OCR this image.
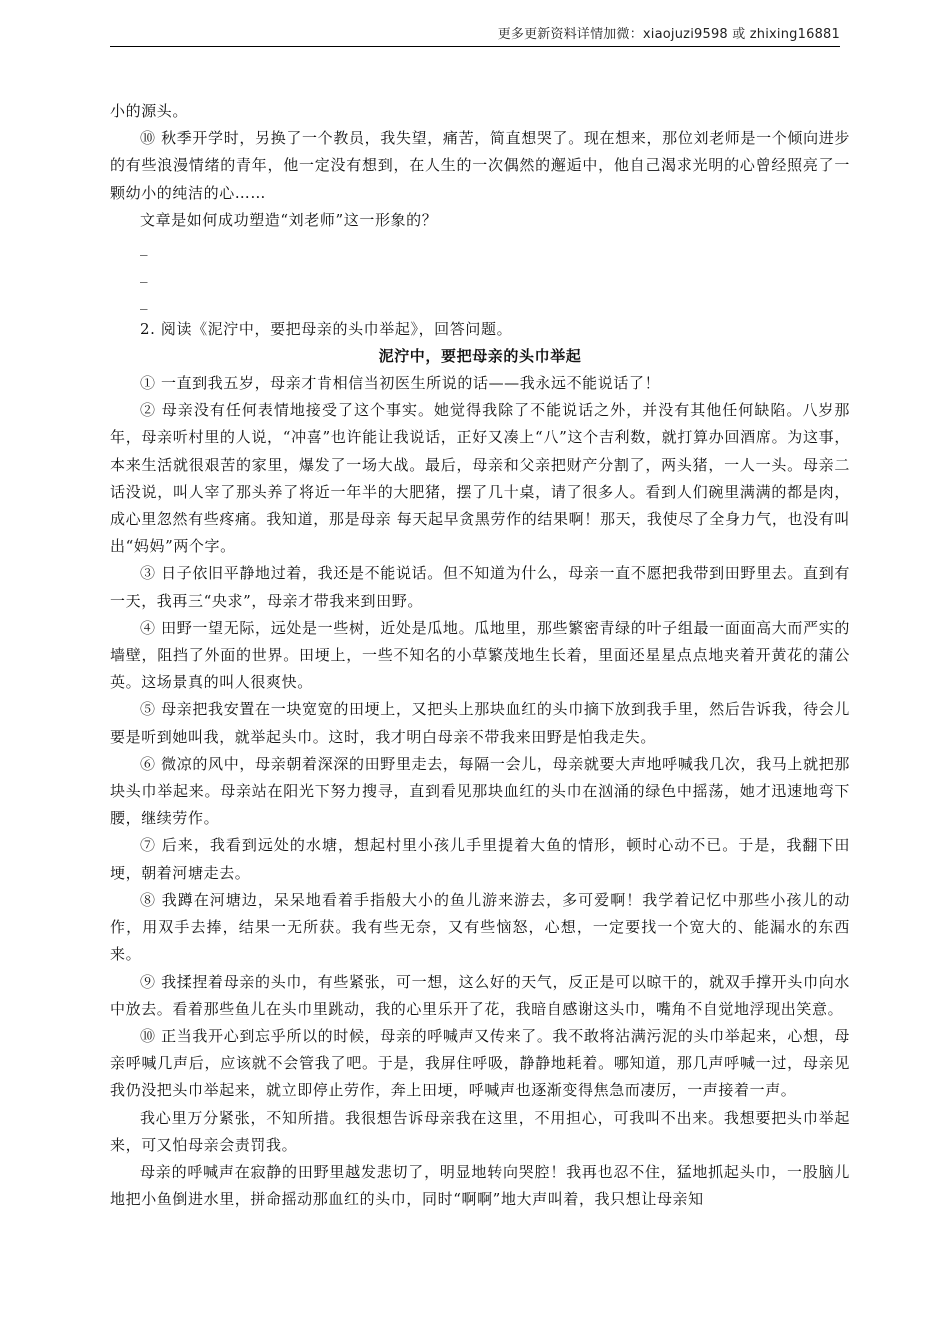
更多更新资料详情加微：xiaojuzi9598 或 zhixing16881

小的源头。

⑩ 秋季开学时，另换了一个教员，我失望，痛苦，简直想哭了。现在想来，那位刘老师是一个倾向进步的有些浪漫情绪的青年，他一定没有想到，在人生的一次偶然的邂逅中，他自己渴求光明的心曾经照亮了一颗幼小的纯洁的心……

文章是如何成功塑造“刘老师”这一形象的？

_

_

_

2. 阅读《泥泞中，要把母亲的头巾举起》，回答问题。

泥泞中，要把母亲的头巾举起

① 一直到我五岁，母亲才肯相信当初医生所说的话——我永远不能说话了！

② 母亲没有任何表情地接受了这个事实。她觉得我除了不能说话之外，并没有其他任何缺陷。八岁那年，母亲听村里的人说，“冲喜”也许能让我说话，正好又凑上“八”这个吉利数，就打算办回酒席。为这事，本来生活就很艰苦的家里，爆发了一场大战。最后，母亲和父亲把财产分割了，两头猪，一人一头。母亲二话没说，叫人宰了那头养了将近一年半的大肥猪，摆了几十桌，请了很多人。看到人们碗里满满的都是肉，成心里忽然有些疼痛。我知道，那是母亲 每天起早贪黑劳作的结果啊！那天，我使尽了全身力气，也没有叫出“妈妈”两个字。

③ 日子依旧平静地过着，我还是不能说话。但不知道为什么，母亲一直不愿把我带到田野里去。直到有一天，我再三“央求”，母亲才带我来到田野。

④ 田野一望无际，远处是一些树，近处是瓜地。瓜地里，那些繁密青绿的叶子组最一面面高大而严实的墙壁，阻挡了外面的世界。田埂上，一些不知名的小草繁茂地生长着，里面还星星点点地夹着开黄花的蒲公英。这场景真的叫人很爽快。

⑤ 母亲把我安置在一块宽宽的田埂上，又把头上那块血红的头巾摘下放到我手里，然后告诉我，待会儿要是听到她叫我，就举起头巾。这时，我才明白母亲不带我来田野是怕我走失。

⑥ 微凉的风中，母亲朝着深深的田野里走去，每隔一会儿，母亲就要大声地呼喊我几次，我马上就把那块头巾举起来。母亲站在阳光下努力搜寻，直到看见那块血红的头巾在汹涌的绿色中摇荡，她才迅速地弯下腰，继续劳作。

⑦ 后来，我看到远处的水塘，想起村里小孩儿手里提着大鱼的情形，顿时心动不已。于是，我翻下田埂，朝着河塘走去。

⑧ 我蹲在河塘边，呆呆地看着手指般大小的鱼儿游来游去，多可爱啊！我学着记忆中那些小孩儿的动作，用双手去捧，结果一无所获。我有些无奈，又有些恼怒，心想，一定要找一个宽大的、能漏水的东西来。

⑨ 我揉捏着母亲的头巾，有些紧张，可一想，这么好的天气，反正是可以晾干的，就双手撑开头巾向水中放去。看着那些鱼儿在头巾里跳动，我的心里乐开了花，我暗自感谢这头巾，嘴角不自觉地浮现出笑意。

⑩ 正当我开心到忘乎所以的时候，母亲的呼喊声又传来了。我不敢将沾满污泥的头巾举起来，心想，母亲呼喊几声后，应该就不会管我了吧。于是，我屏住呼吸，静静地耗着。哪知道，那几声呼喊一过，母亲见我仍没把头巾举起来，就立即停止劳作，奔上田埂，呼喊声也逐渐变得焦急而凄厉，一声接着一声。

我心里万分紧张，不知所措。我很想告诉母亲我在这里，不用担心，可我叫不出来。我想要把头巾举起来，可又怕母亲会责罚我。

母亲的呼喊声在寂静的田野里越发悲切了，明显地转向哭腔！我再也忍不住，猛地抓起头巾，一股脑儿地把小鱼倒进水里，拼命摇动那血红的头巾，同时“啊啊”地大声叫着，我只想让母亲知
